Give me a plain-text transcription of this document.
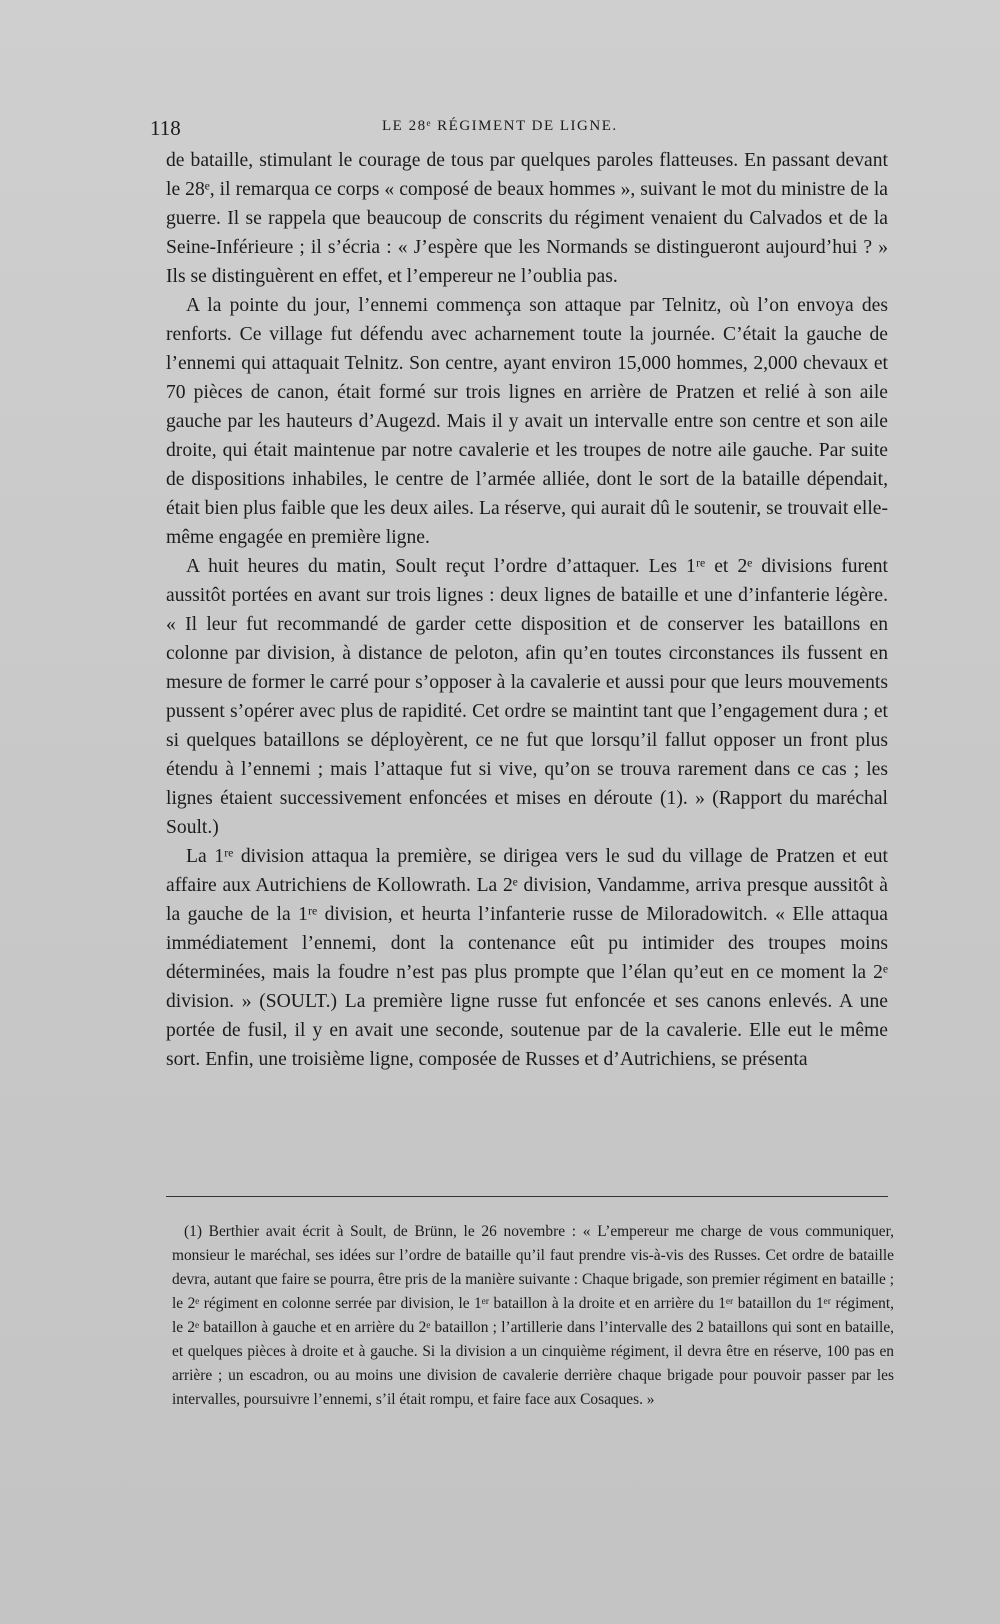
118	LE 28ᵉ RÉGIMENT DE LIGNE.

de bataille, stimulant le courage de tous par quelques paroles flatteuses. En passant devant le 28ᵉ, il remarqua ce corps « composé de beaux hommes », suivant le mot du ministre de la guerre. Il se rappela que beaucoup de conscrits du régiment venaient du Calvados et de la Seine-Inférieure ; il s’écria : « J’espère que les Normands se distingueront aujourd’hui ? » Ils se distinguèrent en effet, et l’empereur ne l’oublia pas.

A la pointe du jour, l’ennemi commença son attaque par Telnitz, où l’on envoya des renforts. Ce village fut défendu avec acharnement toute la journée. C’était la gauche de l’ennemi qui attaquait Telnitz. Son centre, ayant environ 15,000 hommes, 2,000 chevaux et 70 pièces de canon, était formé sur trois lignes en arrière de Pratzen et relié à son aile gauche par les hauteurs d’Augezd. Mais il y avait un intervalle entre son centre et son aile droite, qui était maintenue par notre cavalerie et les troupes de notre aile gauche. Par suite de dispositions inhabiles, le centre de l’armée alliée, dont le sort de la bataille dépendait, était bien plus faible que les deux ailes. La réserve, qui aurait dû le soutenir, se trouvait elle-même engagée en première ligne.

A huit heures du matin, Soult reçut l’ordre d’attaquer. Les 1ʳᵉ et 2ᵉ divisions furent aussitôt portées en avant sur trois lignes : deux lignes de bataille et une d’infanterie légère. « Il leur fut recommandé de garder cette disposition et de conserver les bataillons en colonne par division, à distance de peloton, afin qu’en toutes circonstances ils fussent en mesure de former le carré pour s’opposer à la cavalerie et aussi pour que leurs mouvements pussent s’opérer avec plus de rapidité. Cet ordre se maintint tant que l’engagement dura ; et si quelques bataillons se déployèrent, ce ne fut que lorsqu’il fallut opposer un front plus étendu à l’ennemi ; mais l’attaque fut si vive, qu’on se trouva rarement dans ce cas ; les lignes étaient successivement enfoncées et mises en déroute (1). » (Rapport du maréchal Soult.)

La 1ʳᵉ division attaqua la première, se dirigea vers le sud du village de Pratzen et eut affaire aux Autrichiens de Kollowrath. La 2ᵉ division, Vandamme, arriva presque aussitôt à la gauche de la 1ʳᵉ division, et heurta l’infanterie russe de Miloradowitch. « Elle attaqua immédiatement l’ennemi, dont la contenance eût pu intimider des troupes moins déterminées, mais la foudre n’est pas plus prompte que l’élan qu’eut en ce moment la 2ᵉ division. » (SOULT.) La première ligne russe fut enfoncée et ses canons enlevés. A une portée de fusil, il y en avait une seconde, soutenue par de la cavalerie. Elle eut le même sort. Enfin, une troisième ligne, composée de Russes et d’Autrichiens, se présenta

(1) Berthier avait écrit à Soult, de Brünn, le 26 novembre : « L’empereur me charge de vous communiquer, monsieur le maréchal, ses idées sur l’ordre de bataille qu’il faut prendre vis-à-vis des Russes. Cet ordre de bataille devra, autant que faire se pourra, être pris de la manière suivante : Chaque brigade, son premier régiment en bataille ; le 2ᵉ régiment en colonne serrée par division, le 1ᵉʳ bataillon à la droite et en arrière du 1ᵉʳ bataillon du 1ᵉʳ régiment, le 2ᵉ bataillon à gauche et en arrière du 2ᵉ bataillon ; l’artillerie dans l’intervalle des 2 bataillons qui sont en bataille, et quelques pièces à droite et à gauche. Si la division a un cinquième régiment, il devra être en réserve, 100 pas en arrière ; un escadron, ou au moins une division de cavalerie derrière chaque brigade pour pouvoir passer par les intervalles, poursuivre l’ennemi, s’il était rompu, et faire face aux Cosaques. »
